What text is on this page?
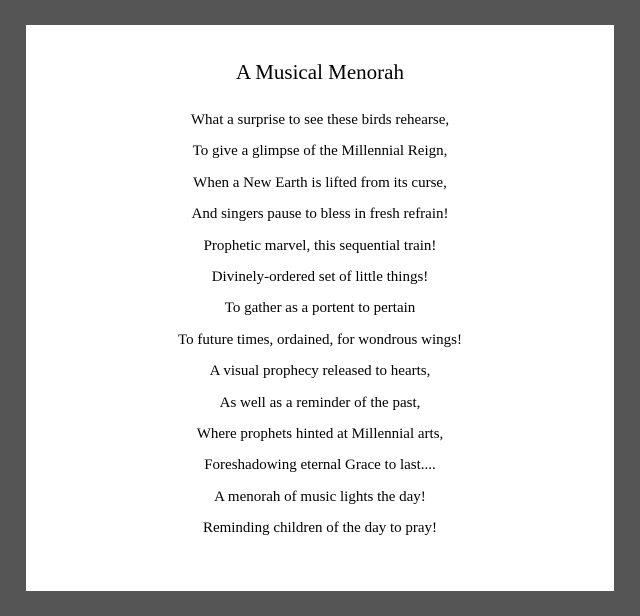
A Musical Menorah
What a surprise to see these birds rehearse,
To give a glimpse of the Millennial Reign,
When a New Earth is lifted from its curse,
And singers pause to bless in fresh refrain!
Prophetic marvel, this sequential train!
Divinely-ordered set of little things!
To gather as a portent to pertain
To future times, ordained, for wondrous wings!
A visual prophecy released to hearts,
As well as a reminder of the past,
Where prophets hinted at Millennial arts,
Foreshadowing eternal Grace to last....
A menorah of music lights the day!
Reminding children of the day to pray!
